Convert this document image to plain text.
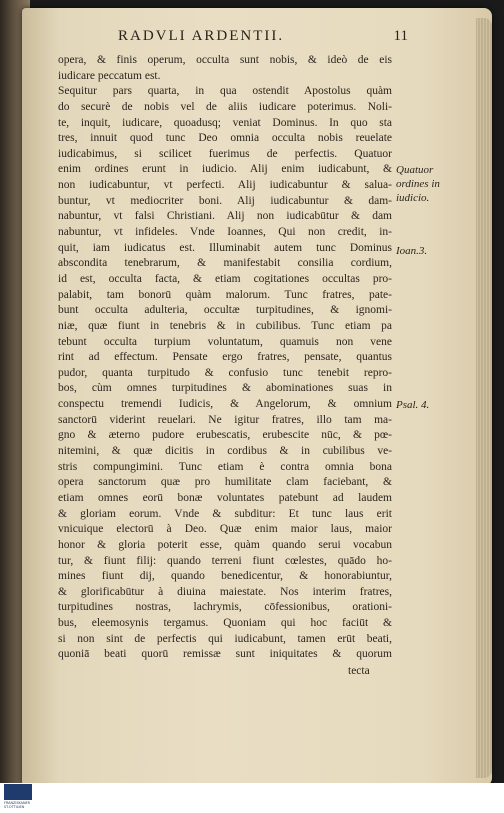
RADVLI ARDENTII.	11
opera, & finis operum, occulta sunt nobis, & ideò de eis
iudicare peccatum est.
Sequitur pars quarta, in qua ostendit Apostolus quàm
do securè de nobis vel de aliis iudicare poterimus. Noli-
te, inquit, iudicare, quoadusq; veniat Dominus. In quo sta
tres, innuit quod tunc Deo omnia occulta nobis reuelate
iudicabimus, si scilicet fuerimus de perfectis. Quatuor
enim ordines erunt in iudicio. Alij enim iudicabunt, &
non iudicabuntur, vt perfecti. Alij iudicabuntur & salua-
buntur, vt mediocriter boni. Alij iudicabuntur & dam-
nabuntur, vt falsi Christiani. Alij non iudicabūtur & dam
nabuntur, vt infideles. Vnde Ioannes, Qui non credit, in-
quit, iam iudicatus est. Illuminabit autem tunc Dominus
abscondita tenebrarum, & manifestabit consilia cordium,
id est, occulta facta, & etiam cogitationes occultas pro-
palabit, tam bonorū quàm malorum. Tunc fratres, pate-
bunt occulta adulteria, occultæ turpitudines, & ignomi-
niæ, quæ fiunt in tenebris & in cubilibus. Tunc etiam pa
tebunt occulta turpium voluntatum, quamuis non vene
rint ad effectum. Pensate ergo fratres, pensate, quantus
pudor, quanta turpitudo & confusio tunc tenebit repro-
bos, cùm omnes turpitudines & abominationes suas in
conspectu tremendi Iudicis, & Angelorum, & omnium
sanctorū viderint reuelari. Ne igitur fratres, illo tam ma-
gno & æterno pudore erubescatis, erubescite nūc, & pœ-
nitemini, & quæ dicitis in cordibus & in cubilibus ve-
stris compungimini. Tunc etiam è contra omnia bona
opera sanctorum quæ pro humilitate clam faciebant, &
etiam omnes eorū bonæ voluntates patebunt ad laudem
& gloriam eorum. Vnde & subditur: Et tunc laus erit
vnicuique electorū à Deo. Quæ enim maior laus, maior
honor & gloria poterit esse, quàm quando serui vocabun
tur, & fiunt filij: quando terreni fiunt cœlestes, quādo ho-
mines fiunt dij, quando benedicentur, & honorabiuntur,
& glorificabūtur à diuina maiestate. Nos interim fratres,
turpitudines nostras, lachrymis, cōfessionibus, orationi-
bus, eleemosynis tergamus. Quoniam qui hoc faciūt &
si non sint de perfectis qui iudicabunt, tamen erūt beati,
quoniā beati quorū remissæ sunt iniquitates & quorum
tecta
Quatuor ordines in iudicio.
Ioan.3.
Psal. 4.
FRANZISKANER ST.OTTILIEN
